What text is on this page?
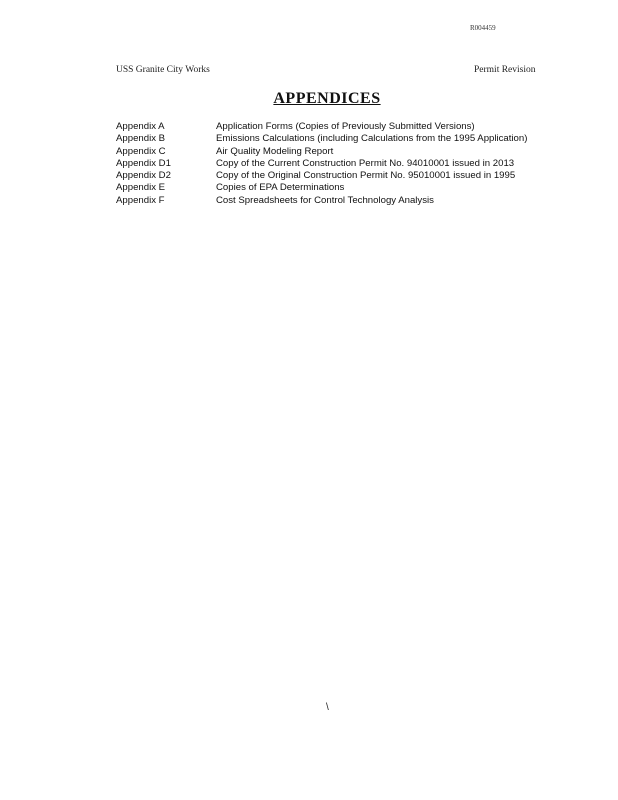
R004459
USS Granite City Works	Permit Revision
APPENDICES
Appendix A	Application Forms (Copies of Previously Submitted Versions)
Appendix B	Emissions Calculations (including Calculations from the 1995 Application)
Appendix C	Air Quality Modeling Report
Appendix D1	Copy of the Current Construction Permit No. 94010001 issued in 2013
Appendix D2	Copy of the Original Construction Permit No. 95010001 issued in 1995
Appendix E	Copies of EPA Determinations
Appendix F	Cost Spreadsheets for Control Technology Analysis
\
